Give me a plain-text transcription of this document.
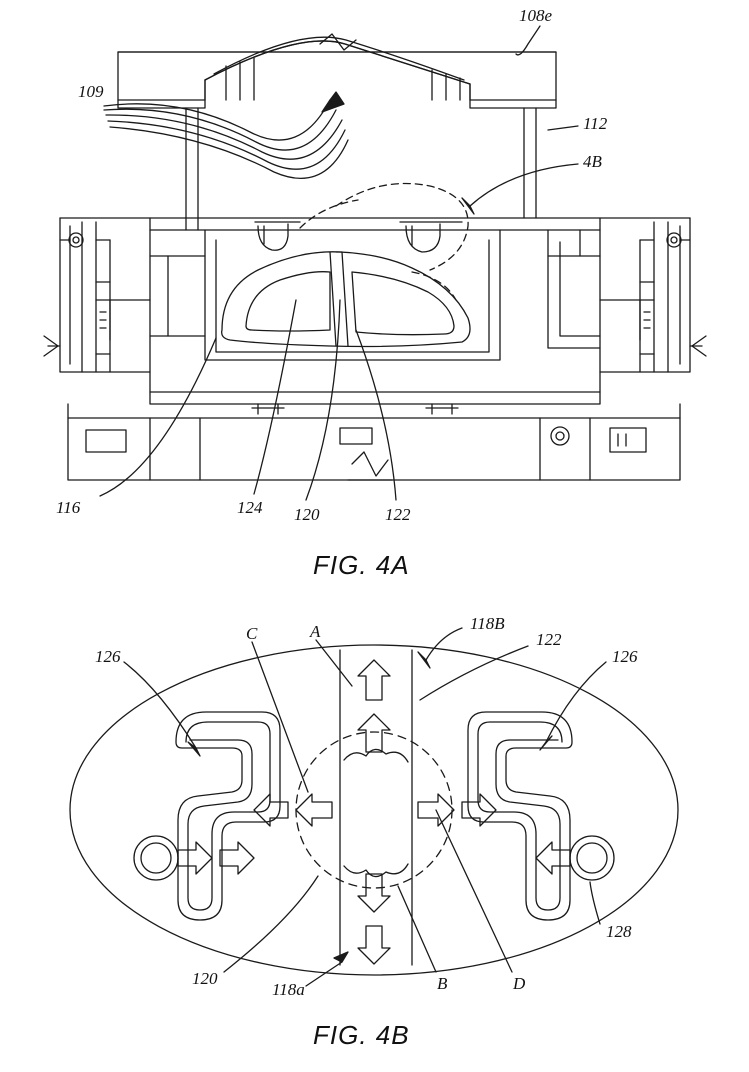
108e
109
112
4B
116	124 120	122
FIG. 4A
118B
C	A	122
126	126
128
120
118a	B	D
FIG. 4B
